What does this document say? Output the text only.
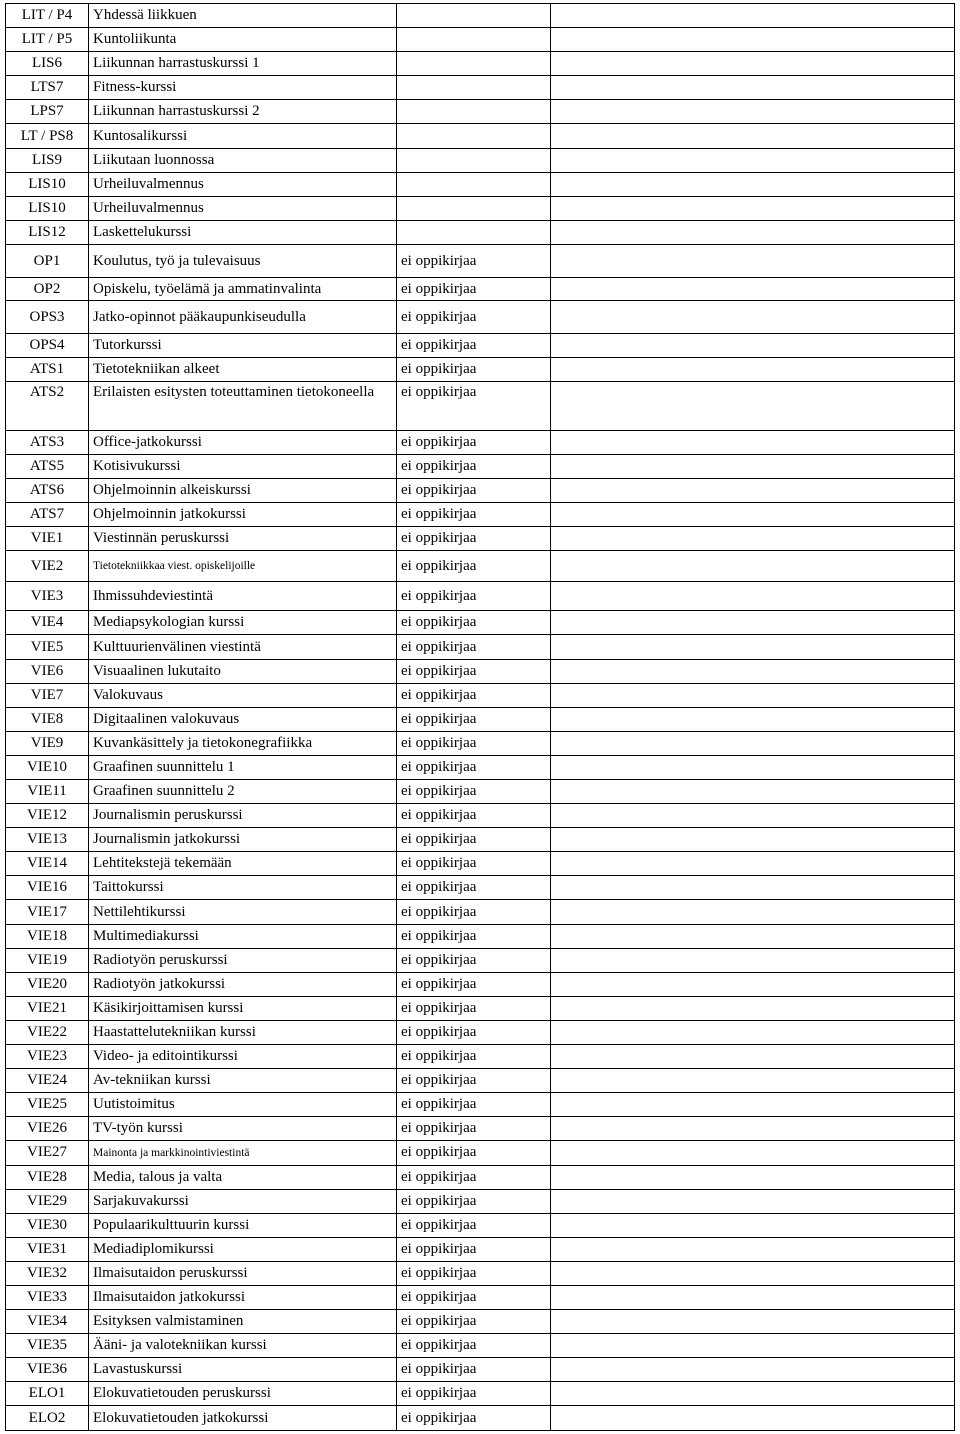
LIT / P4	Yhdessä liikkuen		
LIT / P5	Kuntoliikunta		
LIS6	Liikunnan harrastuskurssi 1		
LTS7	Fitness-kurssi		
LPS7	Liikunnan harrastuskurssi 2		
LT / PS8	Kuntosalikurssi		
LIS9	Liikutaan luonnossa		
LIS10	Urheiluvalmennus		
LIS10	Urheiluvalmennus		
LIS12	Laskettelukurssi		
OP1	Koulutus, työ ja tulevaisuus	ei oppikirjaa	
OP2	Opiskelu, työelämä ja ammatinvalinta	ei oppikirjaa	
OPS3	Jatko-opinnot pääkaupunkiseudulla	ei oppikirjaa	
OPS4	Tutorkurssi	ei oppikirjaa	
ATS1	Tietotekniikan alkeet	ei oppikirjaa	
ATS2	Erilaisten esitysten toteuttaminen tietokoneella	ei oppikirjaa	
ATS3	Office-jatkokurssi	ei oppikirjaa	
ATS5	Kotisivukurssi	ei oppikirjaa	
ATS6	Ohjelmoinnin alkeiskurssi	ei oppikirjaa	
ATS7	Ohjelmoinnin jatkokurssi	ei oppikirjaa	
VIE1	Viestinnän peruskurssi	ei oppikirjaa	
VIE2	Tietotekniikkaa viest. opiskelijoille	ei oppikirjaa	
VIE3	Ihmissuhdeviestintä	ei oppikirjaa	
VIE4	Mediapsykologian kurssi	ei oppikirjaa	
VIE5	Kulttuurienvälinen viestintä	ei oppikirjaa	
VIE6	Visuaalinen lukutaito	ei oppikirjaa	
VIE7	Valokuvaus	ei oppikirjaa	
VIE8	Digitaalinen valokuvaus	ei oppikirjaa	
VIE9	Kuvankäsittely ja tietokonegrafiikka	ei oppikirjaa	
VIE10	Graafinen suunnittelu 1	ei oppikirjaa	
VIE11	Graafinen suunnittelu 2	ei oppikirjaa	
VIE12	Journalismin peruskurssi	ei oppikirjaa	
VIE13	Journalismin jatkokurssi	ei oppikirjaa	
VIE14	Lehtitekstejä tekemään	ei oppikirjaa	
VIE16	Taittokurssi	ei oppikirjaa	
VIE17	Nettilehtikurssi	ei oppikirjaa	
VIE18	Multimediakurssi	ei oppikirjaa	
VIE19	Radiotyön peruskurssi	ei oppikirjaa	
VIE20	Radiotyön jatkokurssi	ei oppikirjaa	
VIE21	Käsikirjoittamisen kurssi	ei oppikirjaa	
VIE22	Haastattelutekniikan kurssi	ei oppikirjaa	
VIE23	Video- ja editointikurssi	ei oppikirjaa	
VIE24	Av-tekniikan kurssi	ei oppikirjaa	
VIE25	Uutistoimitus	ei oppikirjaa	
VIE26	TV-työn kurssi	ei oppikirjaa	
VIE27	Mainonta ja markkinointiviestintä	ei oppikirjaa	
VIE28	Media, talous ja valta	ei oppikirjaa	
VIE29	Sarjakuvakurssi	ei oppikirjaa	
VIE30	Populaarikulttuurin kurssi	ei oppikirjaa	
VIE31	Mediadiplomikurssi	ei oppikirjaa	
VIE32	Ilmaisutaidon peruskurssi	ei oppikirjaa	
VIE33	Ilmaisutaidon jatkokurssi	ei oppikirjaa	
VIE34	Esityksen valmistaminen	ei oppikirjaa	
VIE35	Ääni- ja valotekniikan kurssi	ei oppikirjaa	
VIE36	Lavastuskurssi	ei oppikirjaa	
ELO1	Elokuvatietouden peruskurssi	ei oppikirjaa	
ELO2	Elokuvatietouden jatkokurssi	ei oppikirjaa	
